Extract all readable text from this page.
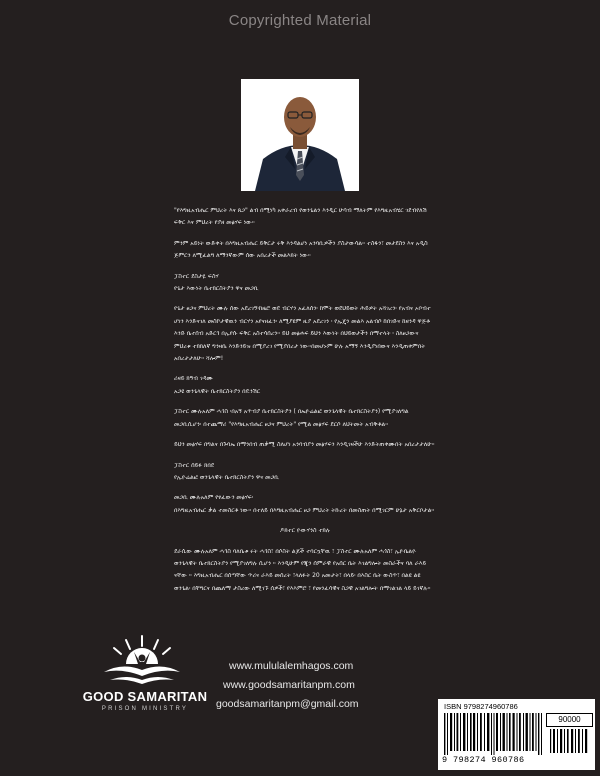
Copyrighted Material

"የእግዚአብሔር ምህረት እና ጸጋ" ልብ በሚነካ አቀራረብ የወንጌልን እንዲር ሁሳብ ማለትም የእግዚአብሄር ገደብየለሽ ፍቅር እና ምህረት የያዘ መፅሃፍ ነው።

ምንም አይነት ውድቀት በእግዚአብሔር ይቅርታ ሩቅ እንዳልሆነ አንባቢዎችን ያስታውሳል። ተስፋን፣ መታደስን እና አዲስ ጅምርን ለሚፈልግ ለማንኛውም ሰው አበረታች መልእክት ነው።

ፓስተር ደስታዬ ፍስሃ
የጌታ እውነት ቤተክርስትያን ዋና መጋቢ

የጌታ ፀጋና ምህረት ሙሉ ሰው አደረገኝ፡ከዜሮ ወደ ብርሃን አፈለሰን፡ ከሞት ወደህይወት ሕይዎት አሻገረን፡ የአብና ኦቦብተ ሆነን እንድናገለ መስኮታዊዉን ብርሃን አየናዘፈን፡ ለሚያዩም ዚያ አደረገን ፡ የኢጄን መልእ አልብሶ ከበገድና ከዘንዳ ዋጅቶ እንድ ቤተሰብ አድርጎ በኢየሱ ፍቅር አስተሳሰረን። ይህ መፅሐፍ ይህን እውነት በህይወታችን በማተላት ፡ ስለፀጋውና ምህረቱ ተክክለኛ ግንዛቤ እንድንይዝ በሚያረገ የሚያበረታ ነው።በመሆኑም ሁሉ አማኝ እንዲያነበውና እንዲጠቀምበት አበረታታለሁ። ሻሎም!

ሪዛይ ክዓብ ገዳሙ
አጋዩ ወንጌላዊት ቤተክርስትያን በዴንሽር

ፓስተር ሙሉአለም ሓጎስ ፡በአኝ አጥብያ ቤተክርስትያን ( በኤዮሬልፎ ወንጌላዊት ቤተክርስትያን) የሚያገለግል መጋቢሲሆን፡ በተጨማሪ "የእግዚአብሔር ፀጋና ምህረት" የሚል መፅሃፍ ደርሶ ለህትመት አብቅቶል።

ይህን መፅሃፍ በግልና በጉባኤ በማንበብ ጠቃሚ ስለሆነ አንባብያን መፅሃፍን እንዲገዛችሁ እንድትጠቀሙበት አበረታታለሁ።

ፓስተር ሰይፉ ክበደ
የኢዮሬልፎ ወንጌላዊት ቤተክርስትያን ዋና መጋቢ

መጋቢ ሙሉአለም የፃፈውን መፅሃፍ፡
በእግዚአብሔር ቃል ተመስርቶ ነው፡፡ በተለይ በእግዚአብሔር ፀጋ ምህረት ትኩረት በመስጠት በሚገርም ሁኔታ አቅርቦታል፡፡

ዶክተር ዮውሃንስ ተክሉ

ደራሲው ሙሉአለም ሓጎስ ባለቤቱ ሩት ሓጎስ፣ በሶስት ልጆች ተባርኳቸዉ ፣ ፓስተር ሙሉአለም ሓጎስ፣ ኢዮቤልዮ ወንጌላዊት ቤተክርስትያን የሚያገለግሉ ሲሆን ፡፡ እንዲሁም የጂን ሰምራዊ የአሰር ቤት እገልግሎት መስራችና ባለ ራእይ ናቸው ፡፡ እግዚአብሔር በሰጣቸው ጥሪና ራእይ መሰረት ፣ላለፉት 20 አመታት፣ በላይ፡ በእስር ቤት ውስጥ፣ በልዩ ልዩ ወንጌል፡ በቸግርና በጨለማ ታስረው ለሚገኙ ሰዎች፣ የእእምሮ ፣ የመንፈሳዊና ስጋዊ አገልግሎት በማገልገል ላይ ይገኛሉ፡፡

GOOD SAMARITAN
PRISON MINISTRY
www.mululalemhagos.com
www.goodsamaritanpm.com
goodsamaritanpm@gmail.com	ISBN 9798274960786
90000
9 798274 960786
